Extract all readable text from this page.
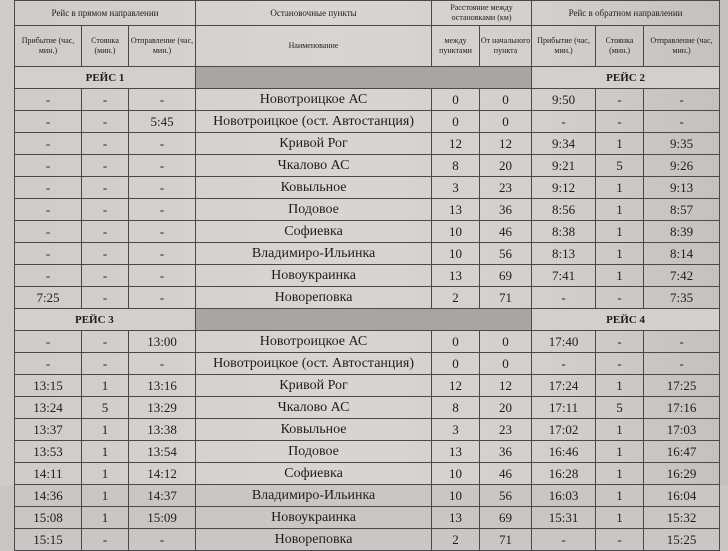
Рейс в прямом направлении			Остановочные пункты	Расстояние между остановками (км)		Рейс в обратном направлении		
Прибытие (час, мин.)	Стоянка (мин.)	Отправление (час, мин.)	Наименование	между пунктами	От начального пункта	Прибытие (час, мин.)	Стоянка (мин.)	Отправление (час, мин.)
РЕЙС 1						РЕЙС 2		
-	-	-	Новотроицкое АС	0	0	9:50	-	-
-	-	5:45	Новотроицкое (ост. Автостанция)	0	0	-	-	-
-	-	-	Кривой Рог	12	12	9:34	1	9:35
-	-	-	Чкалово АС	8	20	9:21	5	9:26
-	-	-	Ковыльное	3	23	9:12	1	9:13
-	-	-	Подовое	13	36	8:56	1	8:57
-	-	-	Софиевка	10	46	8:38	1	8:39
-	-	-	Владимиро-Ильинка	10	56	8:13	1	8:14
-	-	-	Новоукраинка	13	69	7:41	1	7:42
7:25	-	-	Новореповка	2	71	-	-	7:35
РЕЙС 3						РЕЙС 4		
-	-	13:00	Новотроицкое АС	0	0	17:40	-	-
-	-	-	Новотроицкое (ост. Автостанция)	0	0	-	-	-
13:15	1	13:16	Кривой Рог	12	12	17:24	1	17:25
13:24	5	13:29	Чкалово АС	8	20	17:11	5	17:16
13:37	1	13:38	Ковыльное	3	23	17:02	1	17:03
13:53	1	13:54	Подовое	13	36	16:46	1	16:47
14:11	1	14:12	Софиевка	10	46	16:28	1	16:29
14:36	1	14:37	Владимиро-Ильинка	10	56	16:03	1	16:04
15:08	1	15:09	Новоукраинка	13	69	15:31	1	15:32
15:15	-	-	Новореповка	2	71	-	-	15:25
